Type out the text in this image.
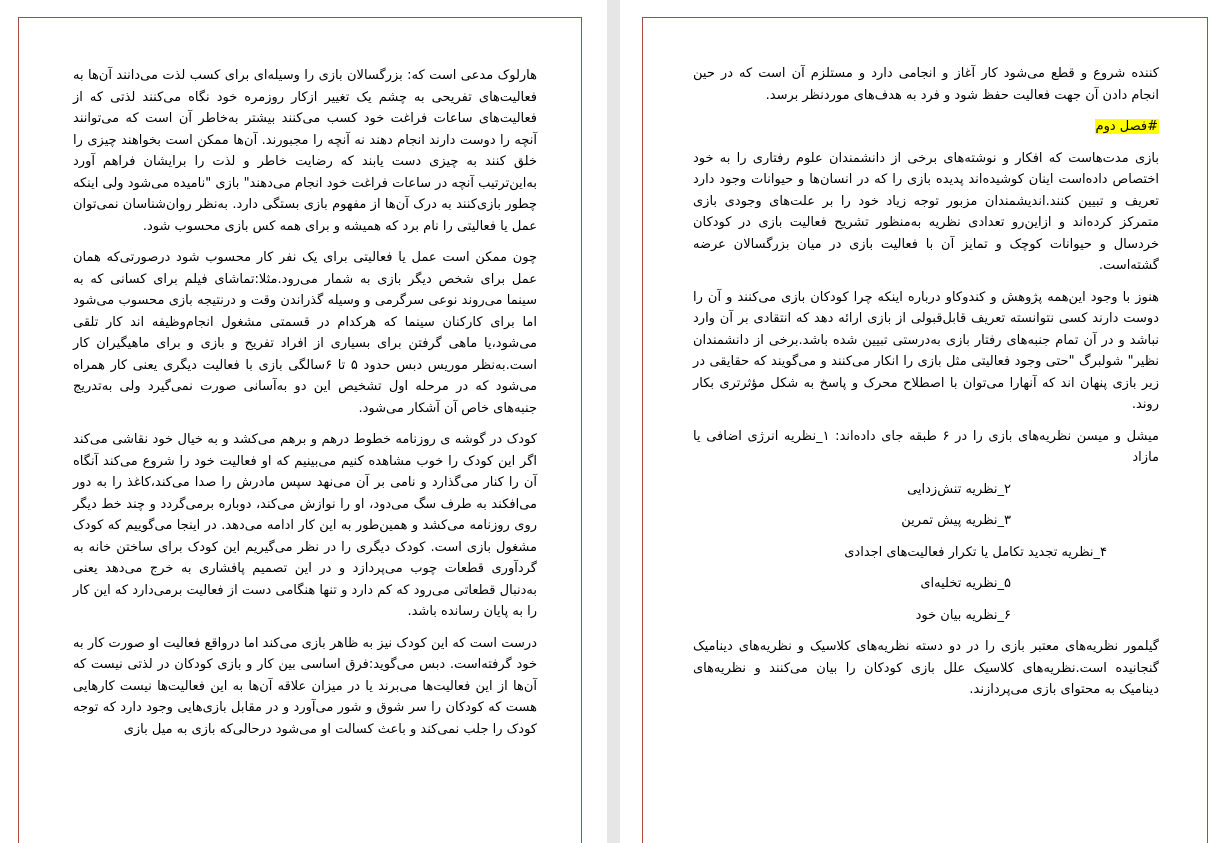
هارلوک مدعی است که: بزرگسالان بازی را وسیله‌ای برای کسب لذت می‌دانند آن‌ها به فعالیت‌های تفریحی به چشم یک تغییر ازکار روزمره خود نگاه می‌کنند لذتی که از فعالیت‌های ساعات فراغت خود کسب می‌کنند بیشتر به‌خاطر آن است که می‌توانند آنچه را دوست دارند انجام دهند نه آنچه را مجبورند. آن‌ها ممکن است بخواهند چیزی را خلق کنند به چیزی دست یابند که رضایت خاطر و لذت را برایشان فراهم آورد به‌این‌ترتیب آنچه در ساعات فراغت خود انجام می‌دهند" بازی "نامیده می‌شود ولی اینکه چطور بازی‌کنند به درک آن‌ها از مفهوم بازی بستگی دارد. به‌نظر روان‌شناسان نمی‌توان عمل یا فعالیتی را نام برد که همیشه و برای همه کس بازی محسوب شود.

چون ممکن است عمل یا فعالیتی برای یک نفر کار محسوب شود درصورتی‌که همان عمل برای شخص دیگر بازی به شمار می‌رود.مثلا:تماشای فیلم برای کسانی که به سینما می‌روند نوعی سرگرمی و وسیله گذراندن وقت و درنتیجه بازی محسوب می‌شود اما برای کارکنان سینما که هرکدام در قسمتی مشغول انجام‌وظیفه اند کار تلقی می‌شود،یا ماهی گرفتن برای بسیاری از افراد تفریح و بازی و برای ماهیگیران کار است.به‌نظر موریس دبس حدود ۵ تا ۶سالگی بازی با فعالیت دیگری یعنی کار همراه می‌شود که در مرحله اول تشخیص این دو به‌آسانی صورت نمی‌گیرد ولی به‌تدریج جنبه‌های خاص آن آشکار می‌شود.

کودک در گوشه ی روزنامه خطوط درهم و برهم می‌کشد و به خیال خود نقاشی می‌کند اگر این کودک را خوب مشاهده کنیم می‌بینیم که او فعالیت خود را شروع می‌کند آنگاه آن را کنار می‌گذارد و نامی بر آن می‌نهد سپس مادرش را صدا می‌کند،کاغذ را به دور می‌افکند به طرف سگ می‌دود، او را نوازش می‌کند، دوباره برمی‌گردد و چند خط دیگر روی روزنامه می‌کشد و همین‌طور به این کار ادامه می‌دهد. در اینجا می‌گوییم که کودک مشغول بازی است. کودک دیگری را در نظر می‌گیریم این کودک برای ساختن خانه به گردآوری قطعات چوب می‌پردازد و در این تصمیم پافشاری به خرج می‌دهد یعنی به‌دنبال قطعاتی می‌رود که کم دارد و تنها هنگامی دست از فعالیت برمی‌دارد که این کار را به پایان رسانده باشد.

درست است که این کودک نیز به ظاهر بازی می‌کند اما درواقع فعالیت او صورت کار به خود گرفته‌است. دبس می‌گوید:فرق اساسی بین کار و بازی کودکان در لذتی نیست که آن‌ها از این فعالیت‌ها می‌برند یا در میزان علاقه آن‌ها به این فعالیت‌ها نیست کارهایی هست که کودکان را سر شوق و شور می‌آورد و در مقابل بازی‌هایی وجود دارد که توجه کودک را جلب نمی‌کند و باعث کسالت او می‌شود درحالی‌که بازی به میل بازی

کننده شروع و قطع می‌شود کار آغاز و انجامی دارد و مستلزم آن است که در حین انجام دادن آن جهت فعالیت حفظ شود و فرد به هدف‌های موردنظر برسد.

#فصل دوم

بازی مدت‌هاست که افکار و نوشته‌های برخی از دانشمندان علوم رفتاری را به خود اختصاص داده‌است اینان کوشیده‌اند پدیده بازی را که در انسان‌ها و حیوانات وجود دارد تعریف و تبیین کنند.اندیشمندان مزبور توجه زیاد خود را بر علت‌های وجودی بازی متمرکز کرده‌اند و ازاین‌رو تعدادی نظریه به‌منظور تشریح فعالیت بازی در کودکان خردسال و حیوانات کوچک و تمایز آن با فعالیت بازی در میان بزرگسالان عرضه گشته‌است.

هنوز با وجود این‌همه پژوهش و کندوکاو درباره اینکه چرا کودکان بازی می‌کنند و آن را دوست دارند کسی نتوانسته تعریف قابل‌قبولی از بازی ارائه دهد که انتقادی بر آن وارد نباشد و در آن تمام جنبه‌های رفتار بازی به‌درستی تبیین شده باشد.برخی از دانشمندان نظیر" شولبرگ "حتی وجود فعالیتی مثل بازی را انکار می‌کنند و می‌گویند که حقایقی در زیر بازی پنهان اند که آنهارا می‌توان با اصطلاح محرک و پاسخ به شکل مؤثرتری بکار روند.

میشل و میسن نظریه‌های بازی را در ۶ طبقه جای داده‌اند: ۱_نظریه انرژی اضافی یا مازاد

۲_نظریه تنش‌زدایی
۳_نظریه پیش تمرین
۴_نظریه تجدید تکامل یا تکرار فعالیت‌های اجدادی
۵_نظریه تخلیه‌ای
۶_نظریه بیان خود

گیلمور نظریه‌های معتبر بازی را در دو دسته نظریه‌های کلاسیک و نظریه‌های دینامیک گنجانیده است.نظریه‌های کلاسیک علل بازی کودکان را بیان می‌کنند و نظریه‌های دینامیک به محتوای بازی می‌پردازند.
